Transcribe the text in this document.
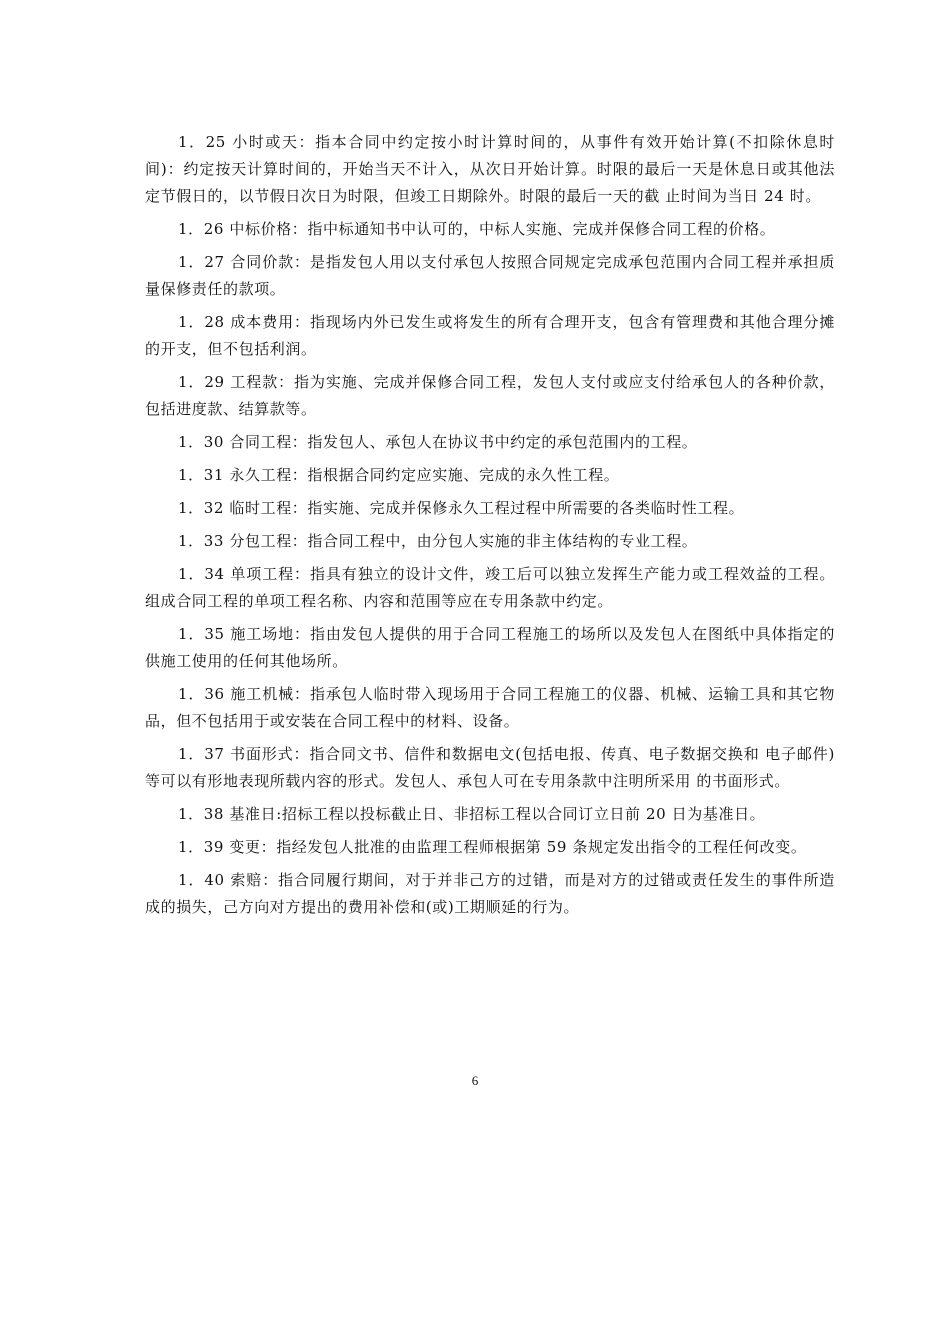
1．25 小时或天：指本合同中约定按小时计算时间的，从事件有效开始计算(不扣除休息时间)：约定按天计算时间的，开始当天不计入，从次日开始计算。时限的最后一天是休息日或其他法定节假日的，以节假日次日为时限，但竣工日期除外。时限的最后一天的截 止时间为当日 24 时。

1．26 中标价格：指中标通知书中认可的，中标人实施、完成并保修合同工程的价格。

1．27 合同价款：是指发包人用以支付承包人按照合同规定完成承包范围内合同工程并承担质量保修责任的款项。

1．28 成本费用：指现场内外已发生或将发生的所有合理开支，包含有管理费和其他合理分摊的开支，但不包括利润。

1．29 工程款：指为实施、完成并保修合同工程，发包人支付或应支付给承包人的各种价款，包括进度款、结算款等。

1．30 合同工程：指发包人、承包人在协议书中约定的承包范围内的工程。

1．31 永久工程：指根据合同约定应实施、完成的永久性工程。

1．32 临时工程：指实施、完成并保修永久工程过程中所需要的各类临时性工程。

1．33 分包工程：指合同工程中，由分包人实施的非主体结构的专业工程。

1．34 单项工程：指具有独立的设计文件，竣工后可以独立发挥生产能力或工程效益的工程。组成合同工程的单项工程名称、内容和范围等应在专用条款中约定。

1．35 施工场地：指由发包人提供的用于合同工程施工的场所以及发包人在图纸中具体指定的供施工使用的任何其他场所。

1．36 施工机械：指承包人临时带入现场用于合同工程施工的仪器、机械、运输工具和其它物品，但不包括用于或安装在合同工程中的材料、设备。

1．37 书面形式：指合同文书、信件和数据电文(包括电报、传真、电子数据交换和 电子邮件)等可以有形地表现所载内容的形式。发包人、承包人可在专用条款中注明所采用 的书面形式。

1．38 基准日:招标工程以投标截止日、非招标工程以合同订立日前 20 日为基准日。

1．39 变更：指经发包人批准的由监理工程师根据第 59 条规定发出指令的工程任何改变。

1．40 索赔：指合同履行期间，对于并非己方的过错，而是对方的过错或责任发生的事件所造成的损失，己方向对方提出的费用补偿和(或)工期顺延的行为。

6
